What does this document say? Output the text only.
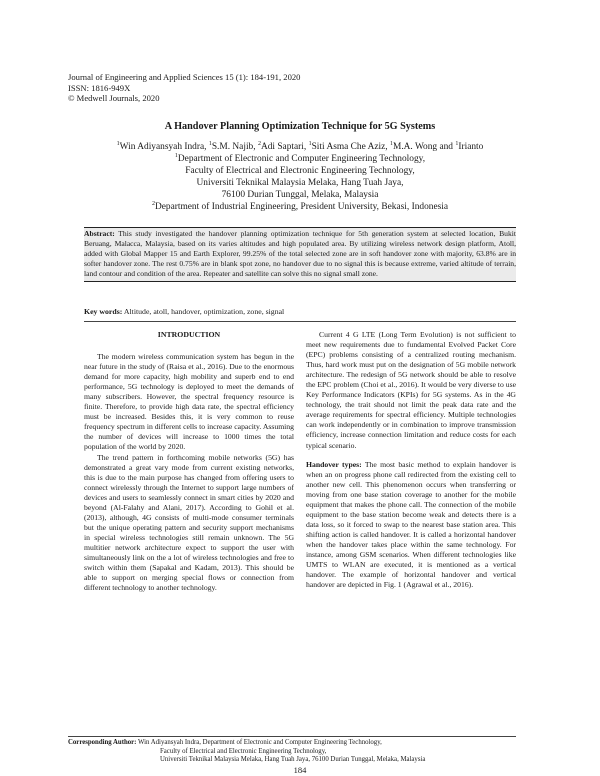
Journal of Engineering and Applied Sciences 15 (1): 184-191, 2020
ISSN: 1816-949X
© Medwell Journals, 2020
A Handover Planning Optimization Technique for 5G Systems
$^1$Win Adiyansyah Indra, $^1$S.M. Najib, $^2$Adi Saptari, $^1$Siti Asma Che Aziz, $^1$M.A. Wong and $^1$Irianto
$^1$Department of Electronic and Computer Engineering Technology,
Faculty of Electrical and Electronic Engineering Technology,
Universiti Teknikal Malaysia Melaka, Hang Tuah Jaya,
76100 Durian Tunggal, Melaka, Malaysia
$^2$Department of Industrial Engineering, President University, Bekasi, Indonesia
Abstract: This study investigated the handover planning optimization technique for 5th generation system at selected location, Bukit Beruang, Malacca, Malaysia, based on its varies altitudes and high populated area. By utilizing wireless network design platform, Atoll, added with Global Mapper 15 and Earth Explorer, 99.25% of the total selected zone are in soft handover zone with majority, 63.8% are in softer handover zone. The rest 0.75% are in blank spot zone, no handover due to no signal this is because extreme, varied altitude of terrain, land contour and condition of the area. Repeater and satellite can solve this no signal small zone.
Key words: Altitude, atoll, handover, optimization, zone, signal
INTRODUCTION

The modern wireless communication system has begun in the near future in the study of (Raisa et al., 2016). Due to the enormous demand for more capacity, high mobility and superb end to end performance, 5G technology is deployed to meet the demands of many subscribers. However, the spectral frequency resource is finite. Therefore, to provide high data rate, the spectral efficiency must be increased. Besides this, it is very common to reuse frequency spectrum in different cells to increase capacity. Assuming the number of devices will increase to 1000 times the total population of the world by 2020.

The trend pattern in forthcoming mobile networks (5G) has demonstrated a great vary mode from current existing networks, this is due to the main purpose has changed from offering users to connect wirelessly through the Internet to support large numbers of devices and users to seamlessly connect in smart cities by 2020 and beyond (Al-Falahy and Alani, 2017). According to Gohil et al. (2013), although, 4G consists of multi-mode consumer terminals but the unique operating pattern and security support mechanisms in special wireless technologies still remain unknown. The 5G multitier network architecture expect to support the user with simultaneously link on the a lot of wireless technologies and free to switch within them (Sapakal and Kadam, 2013). This should be able to support on merging special flows or connection from different technology to another technology.

Current 4 G LTE (Long Term Evolution) is not sufficient to meet new requirements due to fundamental Evolved Packet Core (EPC) problems consisting of a centralized routing mechanism. Thus, hard work must put on the designation of 5G mobile network architecture. The redesign of 5G network should be able to resolve the EPC problem (Choi et al., 2016). It would be very diverse to use Key Performance Indicators (KPIs) for 5G systems. As in the 4G technology, the trait should not limit the peak data rate and the average requirements for spectral efficiency. Multiple technologies can work independently or in combination to improve transmission efficiency, increase connection limitation and reduce costs for each typical scenario.

Handover types: The most basic method to explain handover is when an on progress phone call redirected from the existing cell to another new cell. This phenomenon occurs when transferring or moving from one base station coverage to another for the mobile equipment that makes the phone call. The connection of the mobile equipment to the base station become weak and detects there is a data loss, so it forced to swap to the nearest base station area. This shifting action is called handover. It is called a horizontal handover when the handover takes place within the same technology. For instance, among GSM scenarios. When different technologies like UMTS to WLAN are executed, it is mentioned as a vertical handover. The example of horizontal handover and vertical handover are depicted in Fig. 1 (Agrawal et al., 2016).

Corresponding Author: Win Adiyansyah Indra, Department of Electronic and Computer Engineering Technology,
Faculty of Electrical and Electronic Engineering Technology,
Universiti Teknikal Malaysia Melaka, Hang Tuah Jaya, 76100 Durian Tunggal, Melaka, Malaysia
184
